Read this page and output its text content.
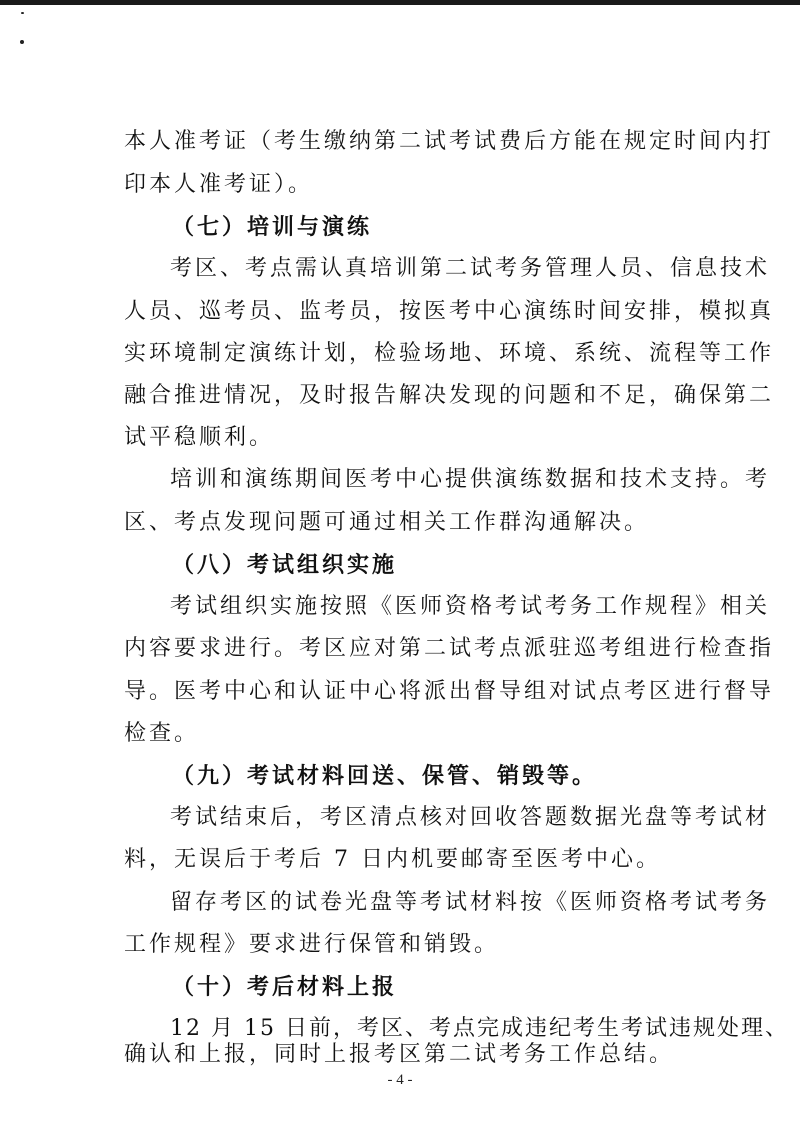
本人准考证（考生缴纳第二试考试费后方能在规定时间内打
印本人准考证）。
（七）培训与演练
考区、考点需认真培训第二试考务管理人员、信息技术
人员、巡考员、监考员，按医考中心演练时间安排，模拟真
实环境制定演练计划，检验场地、环境、系统、流程等工作
融合推进情况，及时报告解决发现的问题和不足，确保第二
试平稳顺利。
培训和演练期间医考中心提供演练数据和技术支持。考
区、考点发现问题可通过相关工作群沟通解决。
（八）考试组织实施
考试组织实施按照《医师资格考试考务工作规程》相关
内容要求进行。考区应对第二试考点派驻巡考组进行检查指
导。医考中心和认证中心将派出督导组对试点考区进行督导
检查。
（九）考试材料回送、保管、销毁等。
考试结束后，考区清点核对回收答题数据光盘等考试材
料，无误后于考后 7 日内机要邮寄至医考中心。
留存考区的试卷光盘等考试材料按《医师资格考试考务
工作规程》要求进行保管和销毁。
（十）考后材料上报
12 月 15 日前，考区、考点完成违纪考生考试违规处理、
确认和上报，同时上报考区第二试考务工作总结。
- 4 -
